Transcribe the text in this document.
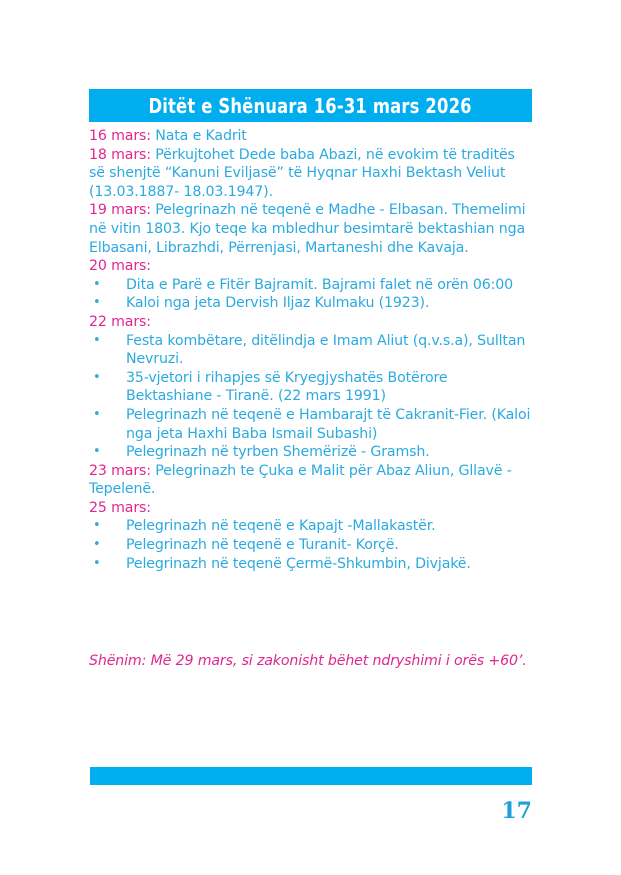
Ditët e Shënuara 16-31 mars 2026
16 mars: Nata e Kadrit
18 mars: Përkujtohet Dede baba Abazi, në evokim të traditës së shenjtë “Kanuni Eviljasë” të Hyqnar Haxhi Bektash Veliut (13.03.1887- 18.03.1947).
19 mars: Pelegrinazh në teqenë e Madhe - Elbasan. Themelimi në vitin 1803. Kjo teqe ka mbledhur besimtarë bektashian nga Elbasani, Librazhdi, Përrenjasi, Martaneshi dhe Kavaja.
20 mars:
• Dita e Parë e Fitër Bajramit. Bajrami falet në orën 06:00
• Kaloi nga jeta Dervish Iljaz Kulmaku (1923).
22 mars:
• Festa kombëtare, ditëlindja e Imam Aliut (q.v.s.a), Sulltan Nevruzi.
• 35-vjetori i rihapjes së Kryegjyshatës Botërore Bektashiane - Tiranë. (22 mars 1991)
• Pelegrinazh në teqenë e Hambarajt të Cakranit-Fier. (Kaloi nga jeta Haxhi Baba Ismail Subashi)
• Pelegrinazh në tyrben Shemërizë - Gramsh.
23 mars: Pelegrinazh te Çuka e Malit për Abaz Aliun, Gllavë -Tepelenë.
25 mars:
• Pelegrinazh në teqenë e Kapajt -Mallakastër.
• Pelegrinazh në teqenë e Turanit- Korçë.
• Pelegrinazh në teqenë Çermë-Shkumbin, Divjakë.
Shënim: Më 29 mars, si zakonisht bëhet ndryshimi i orës +60’.
17
